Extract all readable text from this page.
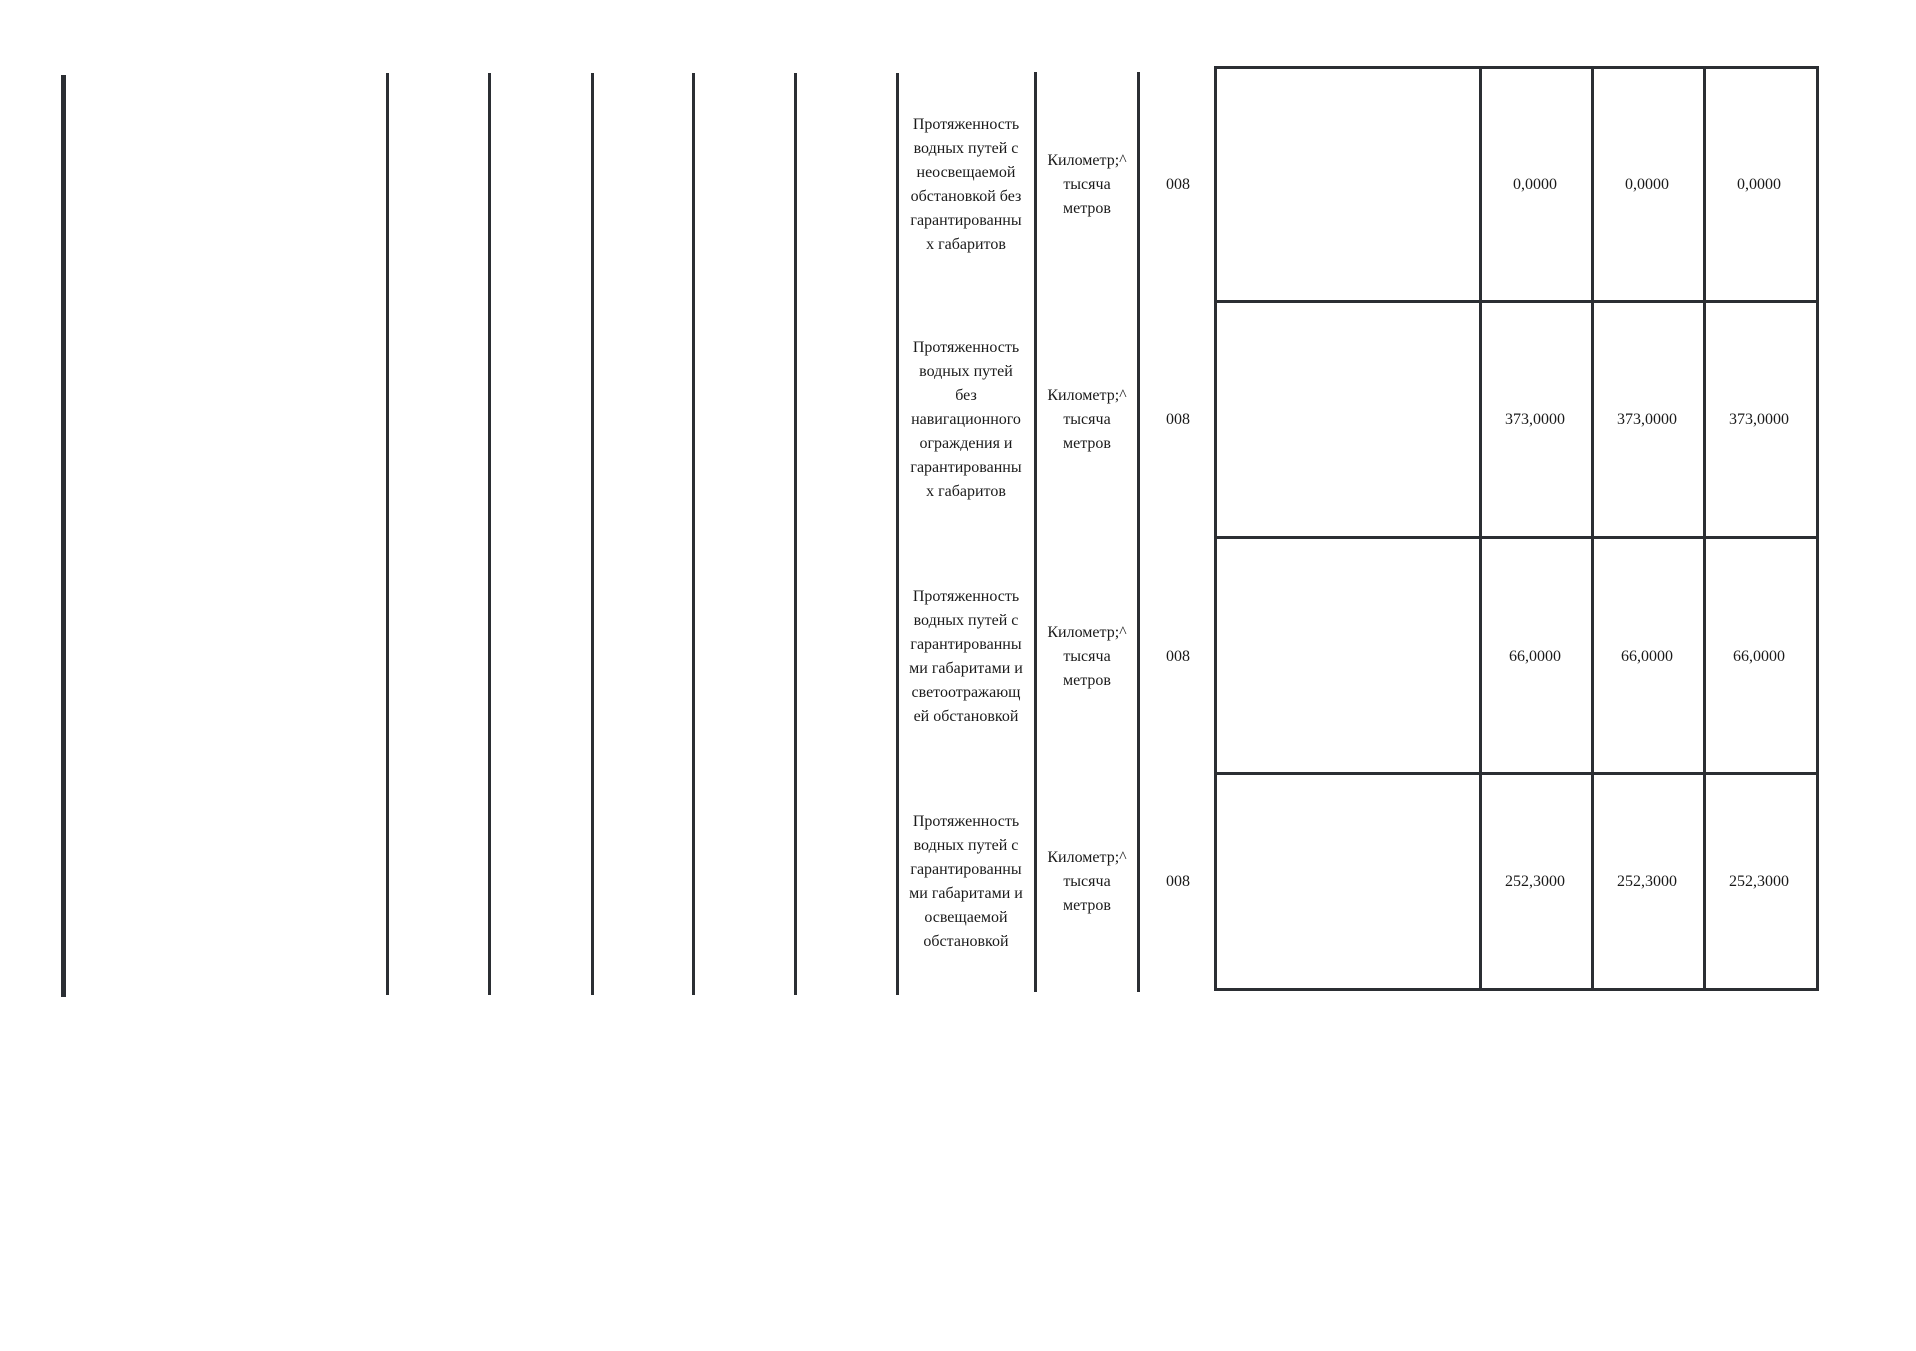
Протяженность
водных путей с
неосвещаемой
обстановкой без
гарантированны
х габаритов
Километр;^
тысяча
метров
008	0,0000	0,0000	0,0000
Протяженность
водных путей
без
навигационного
ограждения и
гарантированны
х габаритов
Километр;^
тысяча
метров
008	373,0000	373,0000	373,0000
Протяженность
водных путей с
гарантированны
ми габаритами и
светоотражающ
ей обстановкой
Километр;^
тысяча
метров
008	66,0000	66,0000	66,0000
Протяженность
водных путей с
гарантированны
ми габаритами и
освещаемой
обстановкой
Километр;^
тысяча
метров
008	252,3000	252,3000	252,3000
